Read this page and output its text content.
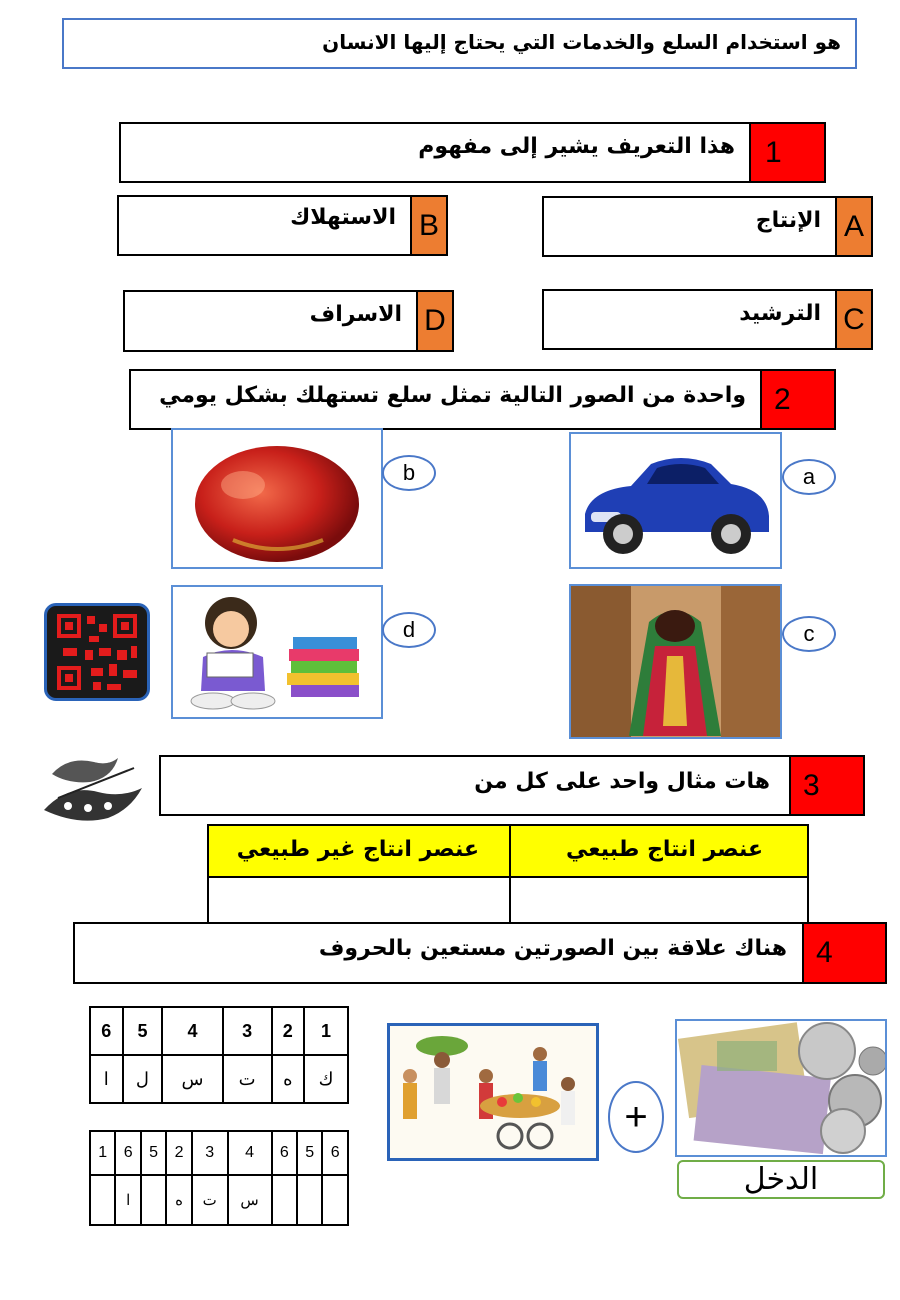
هو استخدام السلع والخدمات التي يحتاج إليها الانسان
هذا التعريف يشير إلى مفهوم	1
الاستهلاك B	الإنتاج A
الاسراف D	الترشيد C
واحدة من الصور التالية تمثل سلع تستهلك بشكل يومي 2
b	a
d	c
هات مثال واحد على كل من	3
عنصر انتاج طبيعي
عنصر انتاج غير طبيعي
هناك علاقة بين الصورتين مستعين بالحروف 4
6	5	4	3	2	1
ا	ل	س	ت	ه	ك
1	6	5	2	3	4	6	5	6
	ا		ه	ت	س			
+
الدخل
